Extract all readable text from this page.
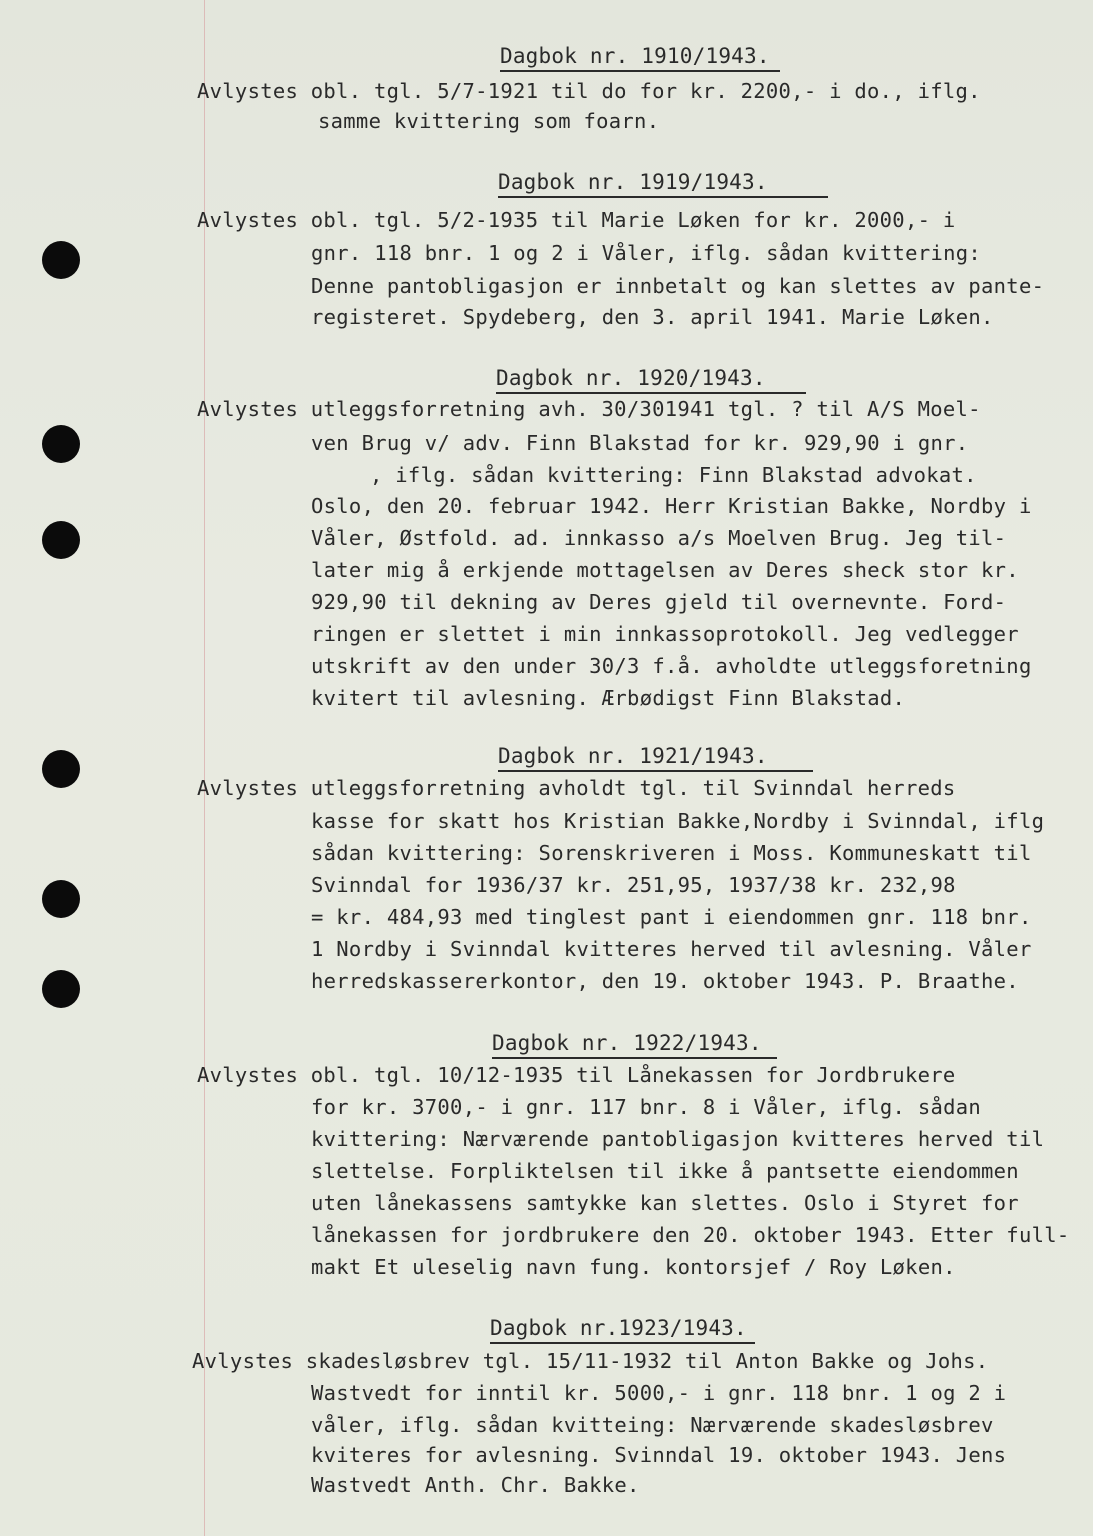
Dagbok nr. 1910/1943.
Avlystes obl. tgl. 5/7-1921 til do for kr. 2200,- i do., iflg.
samme kvittering som foarn.
Dagbok nr. 1919/1943.
Avlystes obl. tgl. 5/2-1935 til Marie Løken for kr. 2000,- i
gnr. 118 bnr. 1 og 2 i Våler, iflg. sådan kvittering:
Denne pantobligasjon er innbetalt og kan slettes av pante-
registeret. Spydeberg, den 3. april 1941. Marie Løken.
Dagbok nr. 1920/1943.
Avlystes utleggsforretning avh. 30/301941 tgl. ? til A/S Moel-
ven Brug v/ adv. Finn Blakstad for kr. 929,90 i gnr.
, iflg. sådan kvittering: Finn Blakstad advokat.
Oslo, den 20. februar 1942. Herr Kristian Bakke, Nordby i
Våler, Østfold. ad. innkasso a/s Moelven Brug. Jeg til-
later mig å erkjende mottagelsen av Deres sheck stor kr.
929,90 til dekning av Deres gjeld til overnevnte. Ford-
ringen er slettet i min innkassoprotokoll. Jeg vedlegger
utskrift av den under 30/3 f.å. avholdte utleggsforetning
kvitert til avlesning. Ærbødigst Finn Blakstad.
Dagbok nr. 1921/1943.
Avlystes utleggsforretning avholdt tgl. til Svinndal herreds
kasse for skatt hos Kristian Bakke,Nordby i Svinndal, iflg
sådan kvittering: Sorenskriveren i Moss. Kommuneskatt til
Svinndal for 1936/37 kr. 251,95, 1937/38 kr. 232,98
= kr. 484,93 med tinglest pant i eiendommen gnr. 118 bnr.
1 Nordby i Svinndal kvitteres herved til avlesning. Våler
herredskassererkontor, den 19. oktober 1943. P. Braathe.
Dagbok nr. 1922/1943.
Avlystes obl. tgl. 10/12-1935 til Lånekassen for Jordbrukere
for kr. 3700,- i gnr. 117 bnr. 8 i Våler, iflg. sådan
kvittering: Nærværende pantobligasjon kvitteres herved til
slettelse. Forpliktelsen til ikke å pantsette eiendommen
uten lånekassens samtykke kan slettes. Oslo i Styret for
lånekassen for jordbrukere den 20. oktober 1943. Etter full-
makt Et uleselig navn fung. kontorsjef / Roy Løken.
Dagbok nr.1923/1943.
Avlystes skadesløsbrev tgl. 15/11-1932 til Anton Bakke og Johs.
Wastvedt for inntil kr. 5000,- i gnr. 118 bnr. 1 og 2 i
våler, iflg. sådan kvitteing: Nærværende skadesløsbrev
kviteres for avlesning. Svinndal 19. oktober 1943. Jens
Wastvedt Anth. Chr. Bakke.
